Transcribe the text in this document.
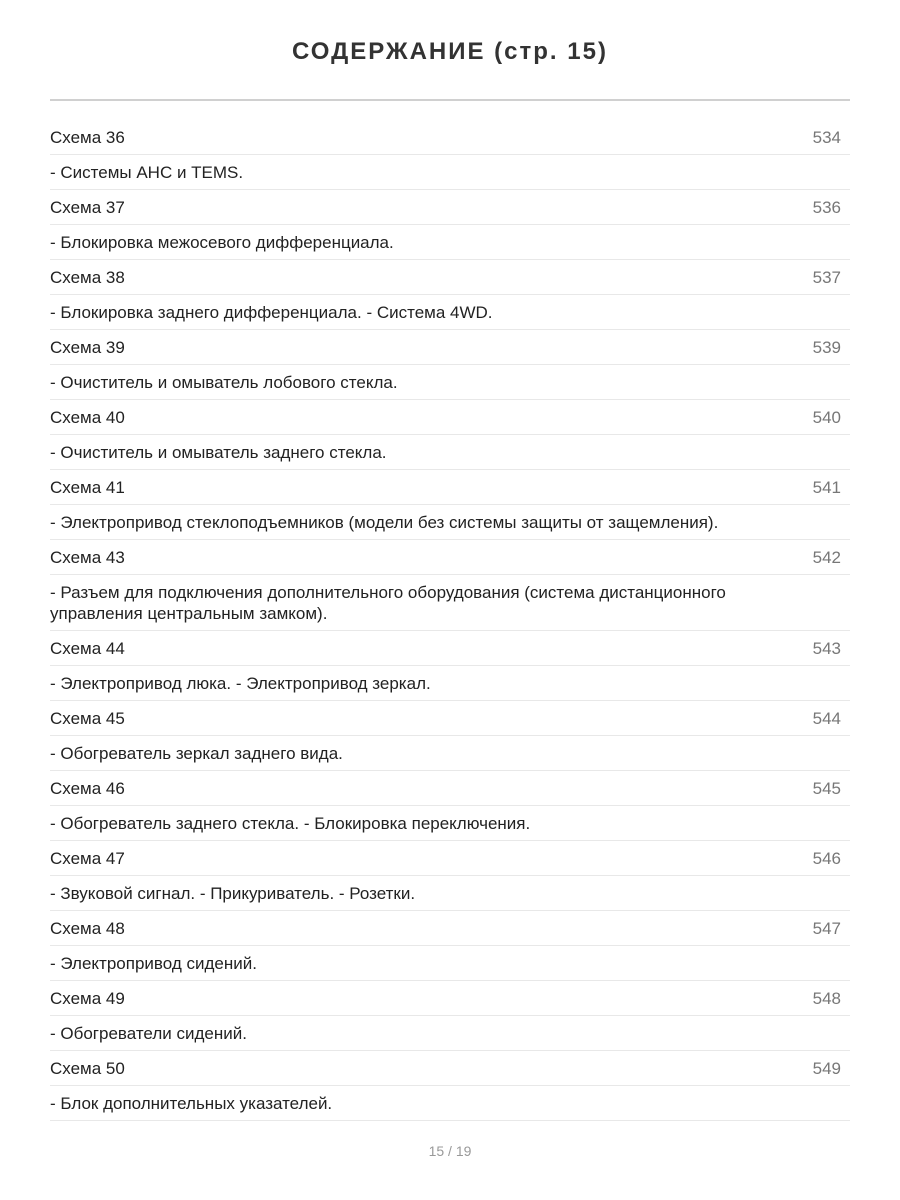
СОДЕРЖАНИЕ (стр. 15)
Схема 36	534
- Системы AHC и TEMS.
Схема 37	536
- Блокировка межосевого дифференциала.
Схема 38	537
- Блокировка заднего дифференциала. - Система 4WD.
Схема 39	539
- Очиститель и омыватель лобового стекла.
Схема 40	540
- Очиститель и омыватель заднего стекла.
Схема 41	541
- Электропривод стеклоподъемников (модели без системы защиты от защемления).
Схема 43	542
- Разъем для подключения дополнительного оборудования (система дистанционного управления центральным замком).
Схема 44	543
- Электропривод люка. - Электропривод зеркал.
Схема 45	544
- Обогреватель зеркал заднего вида.
Схема 46	545
- Обогреватель заднего стекла. - Блокировка переключения.
Схема 47	546
- Звуковой сигнал. - Прикуриватель. - Розетки.
Схема 48	547
- Электропривод сидений.
Схема 49	548
- Обогреватели сидений.
Схема 50	549
- Блок дополнительных указателей.
15 / 19
